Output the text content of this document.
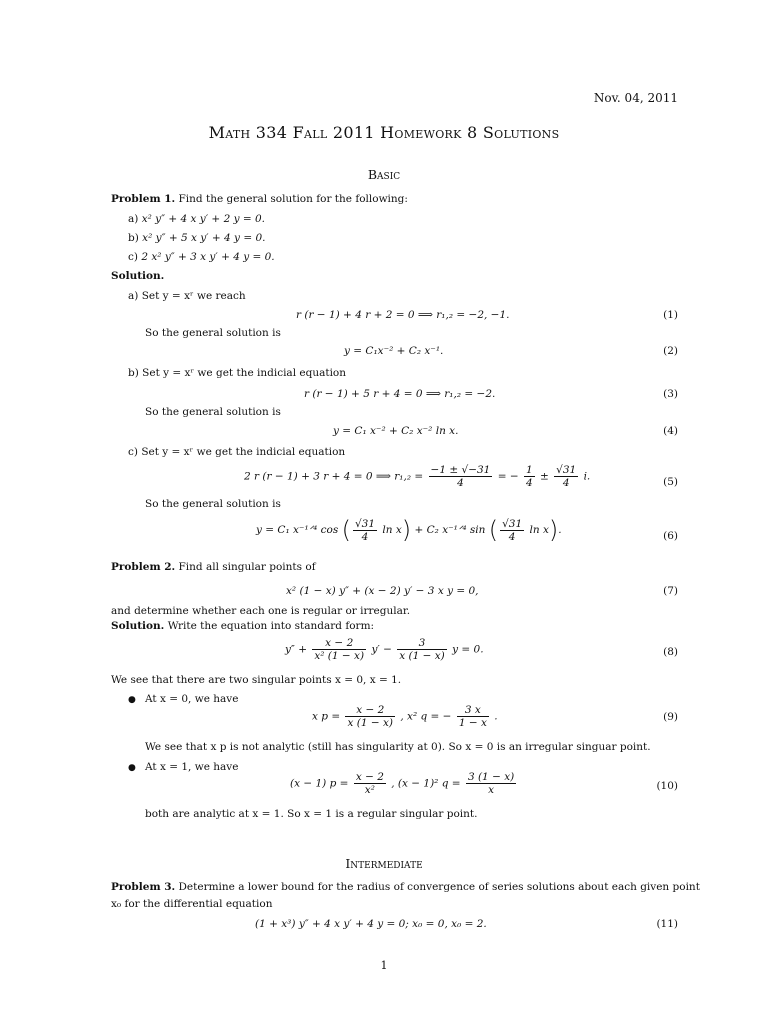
Nov. 04, 2011
Math 334 Fall 2011 Homework 8 Solutions
Basic
Problem 1. Find the general solution for the following:
a) x² y″ + 4 x y′ + 2 y = 0.
b) x² y″ + 5 x y′ + 4 y = 0.
c) 2 x² y″ + 3 x y′ + 4 y = 0.
Solution.
a) Set y = xʳ we reach
r (r − 1) + 4 r + 2 = 0 ⟹ r₁,₂ = −2, −1.	(1)
So the general solution is
y = C₁x⁻² + C₂ x⁻¹.	(2)
b) Set y = xʳ we get the indicial equation
r (r − 1) + 5 r + 4 = 0 ⟹ r₁,₂ = −2.	(3)
So the general solution is
y = C₁ x⁻² + C₂ x⁻² ln x.	(4)
c) Set y = xʳ we get the indicial equation
2 r (r − 1) + 3 r + 4 = 0 ⟹ $r_1,_2 = \frac{-1 \pm √-31}{4}$ = − $\frac{1}{4} \pm \frac{√31}{4} i$.	(5)
So the general solution is
y = C₁ x⁻¹ᐟ⁴ cos ( $\frac{√31}{4}$ ln x) + C₂ x⁻¹ᐟ⁴ sin ( $\frac{√31}{4}$ ln x).	(6)
Problem 2. Find all singular points of
x² (1 − x) y″ + (x − 2) y′ − 3 x y = 0,	(7)
and determine whether each one is regular or irregular.
Solution. Write the equation into standard form:
$y'' + \frac{x - 2}{\text{x² (1 − x)}} y' - \frac{3}{x (1 - x)}$ y = 0.	(8)
We see that there are two singular points x = 0, x = 1.
● At x = 0, we have
x $p = \frac{x - 2}{x (1 - x)}$ , x² q = − $\frac{3 x}{1 - x}$ .	(9)
We see that x p is not analytic (still has singularity at 0). So x = 0 is an irregular singuar point.
● At x = 1, we have
(x − 1) $p = \frac{x - 2}{\text{x²}}$ , (x − 1)² $q = \frac{3 (1 - x)}{x}$	(10)
both are analytic at x = 1. So x = 1 is a regular singular point.
Intermediate
Problem 3. Determine a lower bound for the radius of convergence of series solutions about each given point
x₀ for the differential equation
(1 + x³) y″ + 4 x y′ + 4 y = 0; x₀ = 0, x₀ = 2.	(11)
1
